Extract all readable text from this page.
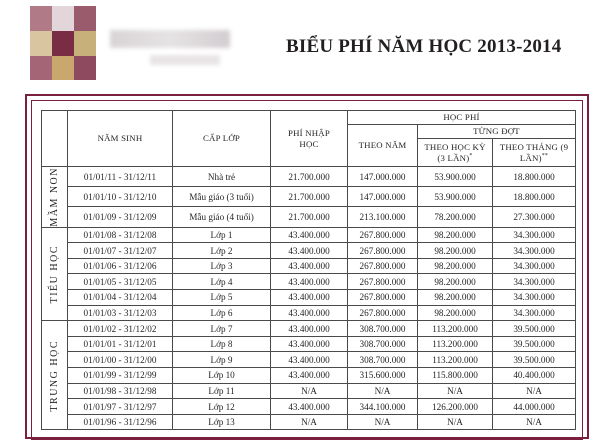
BIỂU PHÍ NĂM HỌC 2013-2014
	NĂM SINH	CẤP LỚP	PHÍ NHẬP HỌC	HỌC PHÍ		
				THEO NĂM	TỪNG ĐỢT	
					THEO HỌC KỲ (3 LẦN)*	THEO THÁNG (9 LẦN)**

MẦM NON	01/01/11 - 31/12/11	Nhà trẻ	21.700.000	147.000.000	53.900.000	18.800.000
	01/01/10 - 31/12/10	Mẫu giáo (3 tuổi)	21.700.000	147.000.000	53.900.000	18.800.000
	01/01/09 - 31/12/09	Mẫu giáo (4 tuổi)	21.700.000	213.100.000	78.200.000	27.300.000

TIỂU HỌC	01/01/08 - 31/12/08	Lớp 1	43.400.000	267.800.000	98.200.000	34.300.000
	01/01/07 - 31/12/07	Lớp 2	43.400.000	267.800.000	98.200.000	34.300.000
	01/01/06 - 31/12/06	Lớp 3	43.400.000	267.800.000	98.200.000	34.300.000
	01/01/05 - 31/12/05	Lớp 4	43.400.000	267.800.000	98.200.000	34.300.000
	01/01/04 - 31/12/04	Lớp 5	43.400.000	267.800.000	98.200.000	34.300.000
	01/01/03 - 31/12/03	Lớp 6	43.400.000	267.800.000	98.200.000	34.300.000

TRUNG HỌC	01/01/02 - 31/12/02	Lớp 7	43.400.000	308.700.000	113.200.000	39.500.000
	01/01/01 - 31/12/01	Lớp 8	43.400.000	308.700.000	113.200.000	39.500.000
	01/01/00 - 31/12/00	Lớp 9	43.400.000	308.700.000	113.200.000	39.500.000
	01/01/99 - 31/12/99	Lớp 10	43.400.000	315.600.000	115.800.000	40.400.000
	01/01/98 - 31/12/98	Lớp 11	N/A	N/A	N/A	N/A
	01/01/97 - 31/12/97	Lớp 12	43.400.000	344.100.000	126.200.000	44.000.000
	01/01/96 - 31/12/96	Lớp 13	N/A	N/A	N/A	N/A
